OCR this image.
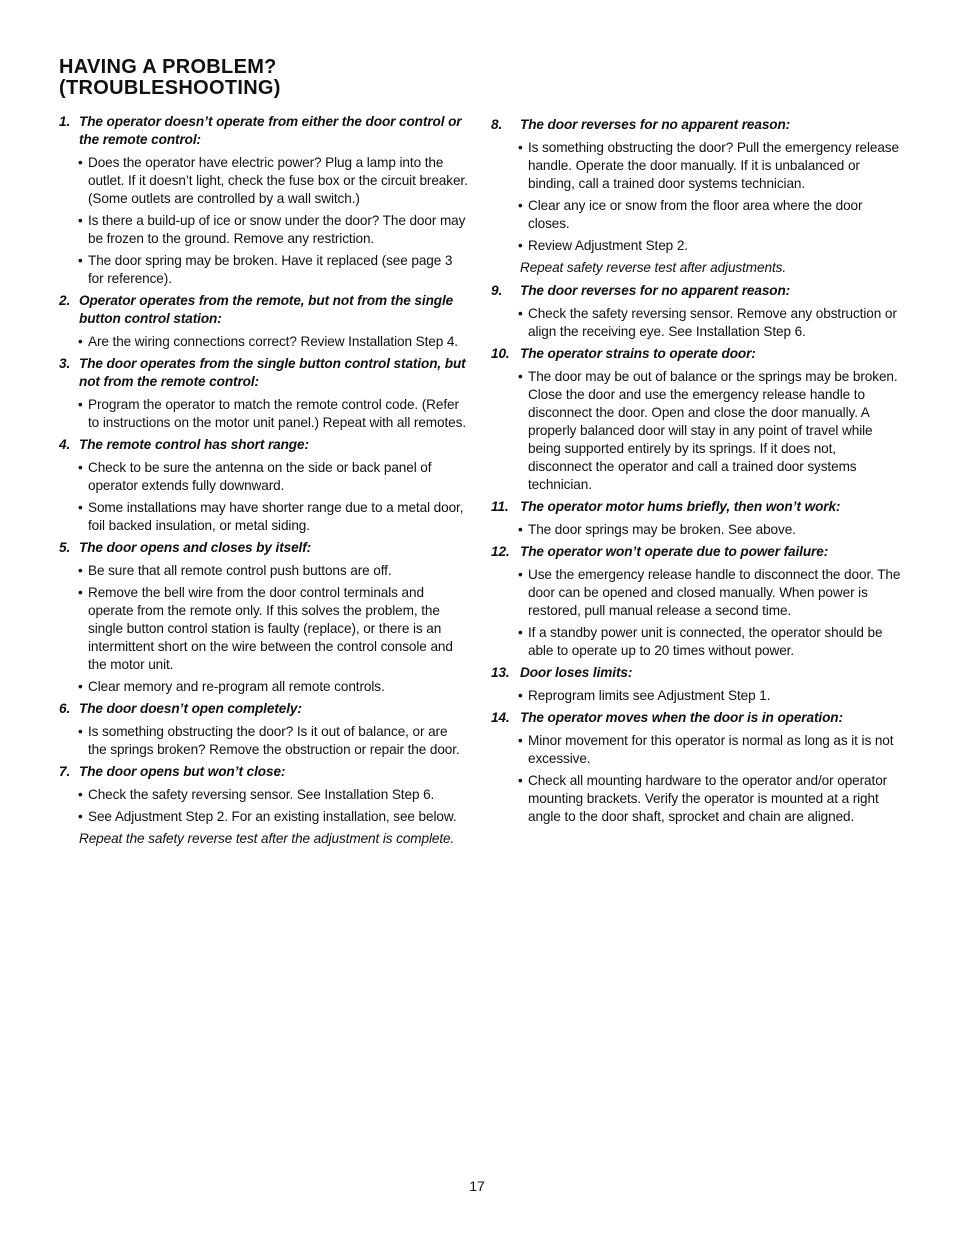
HAVING A PROBLEM?
(TROUBLESHOOTING)
1. The operator doesn’t operate from either the door control or the remote control:
• Does the operator have electric power? Plug a lamp into the outlet. If it doesn’t light, check the fuse box or the circuit breaker. (Some outlets are controlled by a wall switch.)
• Is there a build-up of ice or snow under the door? The door may be frozen to the ground. Remove any restriction.
• The door spring may be broken. Have it replaced (see page 3 for reference).
2. Operator operates from the remote, but not from the single button control station:
• Are the wiring connections correct? Review Installation Step 4.
3. The door operates from the single button control station, but not from the remote control:
• Program the operator to match the remote control code. (Refer to instructions on the motor unit panel.) Repeat with all remotes.
4. The remote control has short range:
• Check to be sure the antenna on the side or back panel of operator extends fully downward.
• Some installations may have shorter range due to a metal door, foil backed insulation, or metal siding.
5. The door opens and closes by itself:
• Be sure that all remote control push buttons are off.
• Remove the bell wire from the door control terminals and operate from the remote only. If this solves the problem, the single button control station is faulty (replace), or there is an intermittent short on the wire between the control console and the motor unit.
• Clear memory and re-program all remote controls.
6. The door doesn’t open completely:
• Is something obstructing the door? Is it out of balance, or are the springs broken? Remove the obstruction or repair the door.
7. The door opens but won’t close:
• Check the safety reversing sensor. See Installation Step 6.
• See Adjustment Step 2. For an existing installation, see below.
Repeat the safety reverse test after the adjustment is complete.
8.	The door reverses for no apparent reason:
• Is something obstructing the door? Pull the emergency release handle. Operate the door manually. If it is unbalanced or binding, call a trained door systems technician.
• Clear any ice or snow from the floor area where the door closes.
• Review Adjustment Step 2.
Repeat safety reverse test after adjustments.
9.	The door reverses for no apparent reason:
• Check the safety reversing sensor. Remove any obstruction or align the receiving eye. See Installation Step 6.
10. The operator strains to operate door:
• The door may be out of balance or the springs may be broken. Close the door and use the emergency release handle to disconnect the door. Open and close the door manually. A properly balanced door will stay in any point of travel while being supported entirely by its springs. If it does not, disconnect the operator and call a trained door systems technician.
11. The operator motor hums briefly, then won’t work:
• The door springs may be broken. See above.
12. The operator won’t operate due to power failure:
• Use the emergency release handle to disconnect the door. The door can be opened and closed manually. When power is restored, pull manual release a second time.
• If a standby power unit is connected, the operator should be able to operate up to 20 times without power.
13. Door loses limits:
• Reprogram limits see Adjustment Step 1.
14. The operator moves when the door is in operation:
• Minor movement for this operator is normal as long as it is not excessive.
• Check all mounting hardware to the operator and/or operator mounting brackets. Verify the operator is mounted at a right angle to the door shaft, sprocket and chain are aligned.
17
